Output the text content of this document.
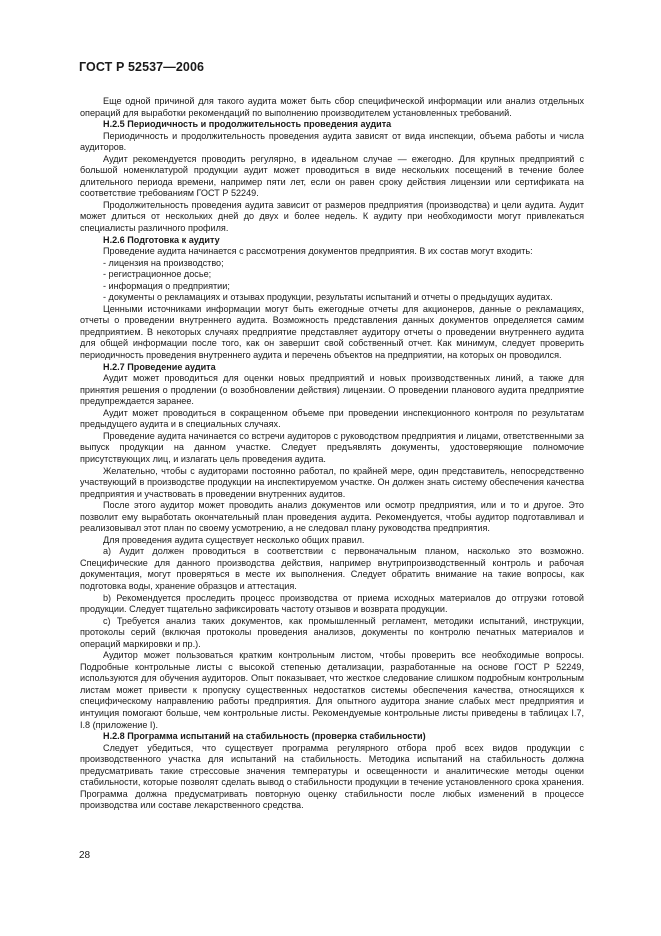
ГОСТ Р 52537—2006

Еще одной причиной для такого аудита может быть сбор специфической информации или анализ отдельных операций для выработки рекомендаций по выполнению производителем установленных требований.

Н.2.5 Периодичность и продолжительность проведения аудита

Периодичность и продолжительность проведения аудита зависят от вида инспекции, объема работы и числа аудиторов.

Аудит рекомендуется проводить регулярно, в идеальном случае — ежегодно. Для крупных предприятий с большой номенклатурой продукции аудит может проводиться в виде нескольких посещений в течение более длительного периода времени, например пяти лет, если он равен сроку действия лицензии или сертификата на соответствие требованиям ГОСТ Р 52249.

Продолжительность проведения аудита зависит от размеров предприятия (производства) и цели аудита. Аудит может длиться от нескольких дней до двух и более недель. К аудиту при необходимости могут привлекаться специалисты различного профиля.

Н.2.6 Подготовка к аудиту

Проведение аудита начинается с рассмотрения документов предприятия. В их состав могут входить:

- лицензия на производство;

- регистрационное досье;

- информация о предприятии;

- документы о рекламациях и отзывах продукции, результаты испытаний и отчеты о предыдущих аудитах.

Ценными источниками информации могут быть ежегодные отчеты для акционеров, данные о рекламациях, отчеты о проведении внутреннего аудита. Возможность представления данных документов определяется самим предприятием. В некоторых случаях предприятие представляет аудитору отчеты о проведении внутреннего аудита для общей информации после того, как он завершит свой собственный отчет. Как минимум, следует проверить периодичность проведения внутреннего аудита и перечень объектов на предприятии, на которых он проводился.

Н.2.7 Проведение аудита

Аудит может проводиться для оценки новых предприятий и новых производственных линий, а также для принятия решения о продлении (о возобновлении действия) лицензии. О проведении планового аудита предприятие предупреждается заранее.

Аудит может проводиться в сокращенном объеме при проведении инспекционного контроля по результатам предыдущего аудита и в специальных случаях.

Проведение аудита начинается со встречи аудиторов с руководством предприятия и лицами, ответственными за выпуск продукции на данном участке. Следует предъявлять документы, удостоверяющие полномочие присутствующих лиц, и излагать цель проведения аудита.

Желательно, чтобы с аудиторами постоянно работал, по крайней мере, один представитель, непосредственно участвующий в производстве продукции на инспектируемом участке. Он должен знать систему обеспечения качества предприятия и участвовать в проведении внутренних аудитов.

После этого аудитор может проводить анализ документов или осмотр предприятия, или и то и другое. Это позволит ему выработать окончательный план проведения аудита. Рекомендуется, чтобы аудитор подготавливал и реализовывал этот план по своему усмотрению, а не следовал плану руководства предприятия.

Для проведения аудита существует несколько общих правил.

a) Аудит должен проводиться в соответствии с первоначальным планом, насколько это возможно. Специфические для данного производства действия, например внутрипроизводственный контроль и рабочая документация, могут проверяться в месте их выполнения. Следует обратить внимание на такие вопросы, как подготовка воды, хранение образцов и аттестация.

b) Рекомендуется проследить процесс производства от приема исходных материалов до отгрузки готовой продукции. Следует тщательно зафиксировать частоту отзывов и возврата продукции.

c) Требуется анализ таких документов, как промышленный регламент, методики испытаний, инструкции, протоколы серий (включая протоколы проведения анализов, документы по контролю печатных материалов и операций маркировки и пр.).

Аудитор может пользоваться кратким контрольным листом, чтобы проверить все необходимые вопросы. Подробные контрольные листы с высокой степенью детализации, разработанные на основе ГОСТ Р 52249, используются для обучения аудиторов. Опыт показывает, что жесткое следование слишком подробным контрольным листам может привести к пропуску существенных недостатков системы обеспечения качества, относящихся к специфическому направлению работы предприятия. Для опытного аудитора знание слабых мест предприятия и интуиция помогают больше, чем контрольные листы. Рекомендуемые контрольные листы приведены в таблицах I.7, I.8 (приложение I).

Н.2.8 Программа испытаний на стабильность (проверка стабильности)

Следует убедиться, что существует программа регулярного отбора проб всех видов продукции с производственного участка для испытаний на стабильность. Методика испытаний на стабильность должна предусматривать такие стрессовые значения температуры и освещенности и аналитические методы оценки стабильности, которые позволят сделать вывод о стабильности продукции в течение установленного срока хранения. Программа должна предусматривать повторную оценку стабильности после любых изменений в процессе производства или составе лекарственного средства.

28
